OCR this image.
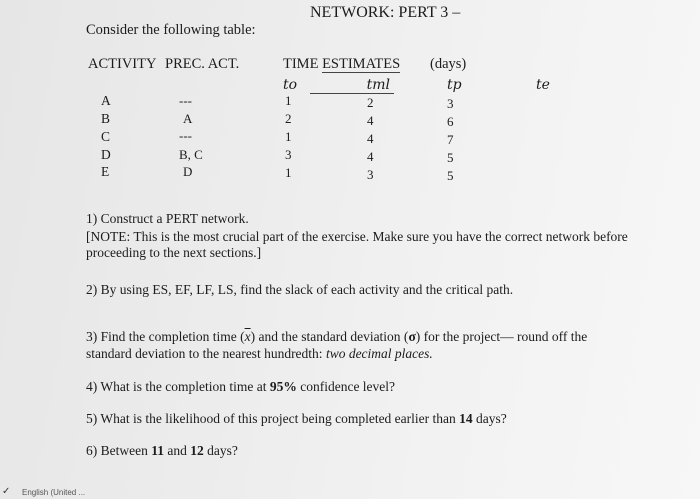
NETWORK: PERT 3 –
Consider the following table:
ACTIVITY PREC. ACT.	TIME ESTIMATES (days)
to	tml	tp	te
A	---	1	2	3
B	A	2	4	6
C	---	1	4	7
D	B, C	3	4	5
E	D	1	3	5
1) Construct a PERT network.
[NOTE: This is the most crucial part of the exercise. Make sure you have the correct network before
proceeding to the next sections.]
2) By using ES, EF, LF, LS, find the slack of each activity and the critical path.
3) Find the completion time $(\overline{x})$ and the standard deviation (σ) for the project— round off the
standard deviation to the nearest hundredth: two decimal places.
4) What is the completion time at 95% confidence level?
5) What is the likelihood of this project being completed earlier than 14 days?
6) Between 11 and 12 days?
✓ English (United ...
